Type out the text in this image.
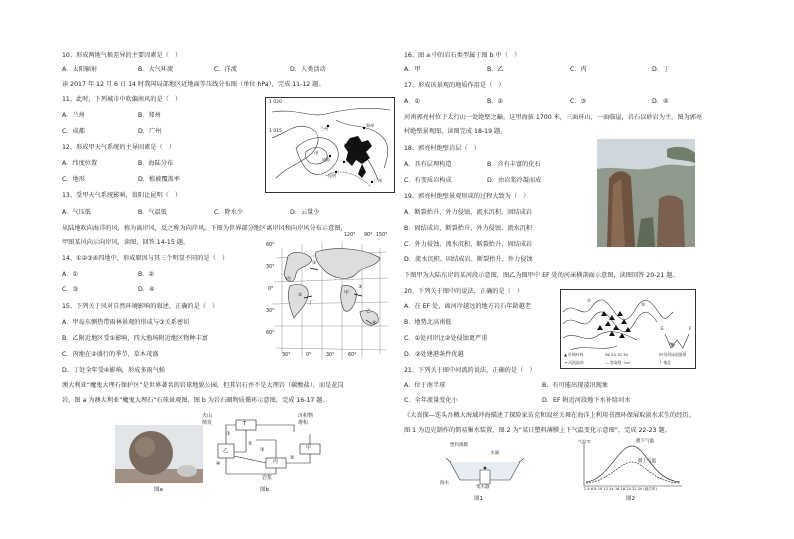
10、形成两地气候差异的主要因素是（　）
A．太阳辐射	B．大气环流	C．洋流	D．人类活动
读 2017 年 12 月 6 日 14 时我国局部地区近地面等压线分布图（单位 hPa），完成 11-12 题。
11、此时，下列城市中吹偏南风的是（　）
A．兰州	B．郑州
C．成都	D．广州
12、形成甲天气系统的主导因素是（　）
A．纬度位置	B．海陆分布
C．地形	D．植被覆盖率
13、受甲天气系统影响，贵阳比昆明（　）
A．气压低	B．气温低	C．降水少	D．云量少
从陆地吹向海洋的风，称为离岸风，反之称为向岸风。下图为世界部分地区离岸风和向岸风分布示意图，
甲图某风向示向岸风，读图，回答 14-15 题。
14、①②③④四地中，形成原因与其三个明显不同的是（　）
A．①	B．②
C．③	D．④
15、下列关于风对自然环境影响的叙述，正确的是（　）
A．甲岛东侧热带雨林景观的形成与③关系密切
B．乙附近地区受①影响，四大渔场附近地区物种丰富
C．丙地在②盛行的季节，草木茂盛
D．丁处全年受④影响，形成多雨气候
澳大利亚“魔鬼大理石保护区”是世界著名的岩球地貌公园，但其岩石并不是大理岩（碳酸盐），而是花岗
岩，图 a 为澳大利亚“魔鬼大理石”石球景观图，图 b 为岩石圈物质循环示意图，完成 16-17 题。
1 020
1 015
甲
兰州
郑州
成都	贵阳
昆明
广州
60°
30°
0°
30°
60°
30°	0°	30°	60°
90°
120°	150°
丙
丁
甲
乙
①
②
③
④
图a
火山
喷发	T
乙
丙
甲
沉积物
堆积
岩浆
①
②
③
④
⑤
图b
16、图 a 中的岩石类型属于图 b 中（　）
A．甲	B．乙	C．丙	D．丁
17、形成该景观的地质作用是（　）
A．①	B．②	C．③	D．④
河南郭亮村位于太行山一处绝壁之巅，这里海拔 1700 米，三面环山，一面临崖，岩石以砂岩为主。图为郭亮
村绝壁景观图，读图完成 18-19 题。
18、郭亮村绝壁岩层（　）
A．具有层理构造	B．含有丰富的化石
C．有变质岩构成	D．由岩浆冷凝而成
19、郭亮村绝壁景观形成的过程大致为（　）
A．断裂抬升、外力侵蚀、流水沉积、固结成岩
B．固结成岩、断裂抬升、外力侵蚀、流水沉积
C．外力侵蚀、流水沉积、断裂抬升、固结成岩
D．流水沉积、固结成岩、断裂抬升、外力侵蚀
下图甲为大陆东岸的某河段示意图，图乙为图甲中 EF 处的河床横剖面示意图，读图回答 20-21 题。
20、下列关于图中的说法，正确的是（　）
A．在 EF 处，离河岸越远的地方岩石年龄越老
B．地势北高南低
C．①处河岸比②处侵蚀更严重
D．②处建港条件优越
21、下列关于图中河流的说法，正确的是（　）
A．位于南半球	B．有可能出现凌汛现象
C．全年流量变化小	D．EF 附近河段地下水补给河水
《大真探—连头吾概大海域冲海描述了探险家访克和寂丝关舞在海洋上利用书漂环保展取淡水求生的经历。
图 1 为迈克制作的简易集水装置，图 2 为“某日塑料薄膜上下气温变化示意图”，完成 22-23 题。
E	F
①
②
▲ 针阔叶林	36 34 32 30	EF处河床剖面图
→ 河流流向	— 等高线（m）	↑ 指北
塑料薄膜
水滴
海水
集水器
图1
气温℃	膜下气温
膜上气温
2 4 6 8 10 12 14 16 18 20 22 24 (地方时)
图2
